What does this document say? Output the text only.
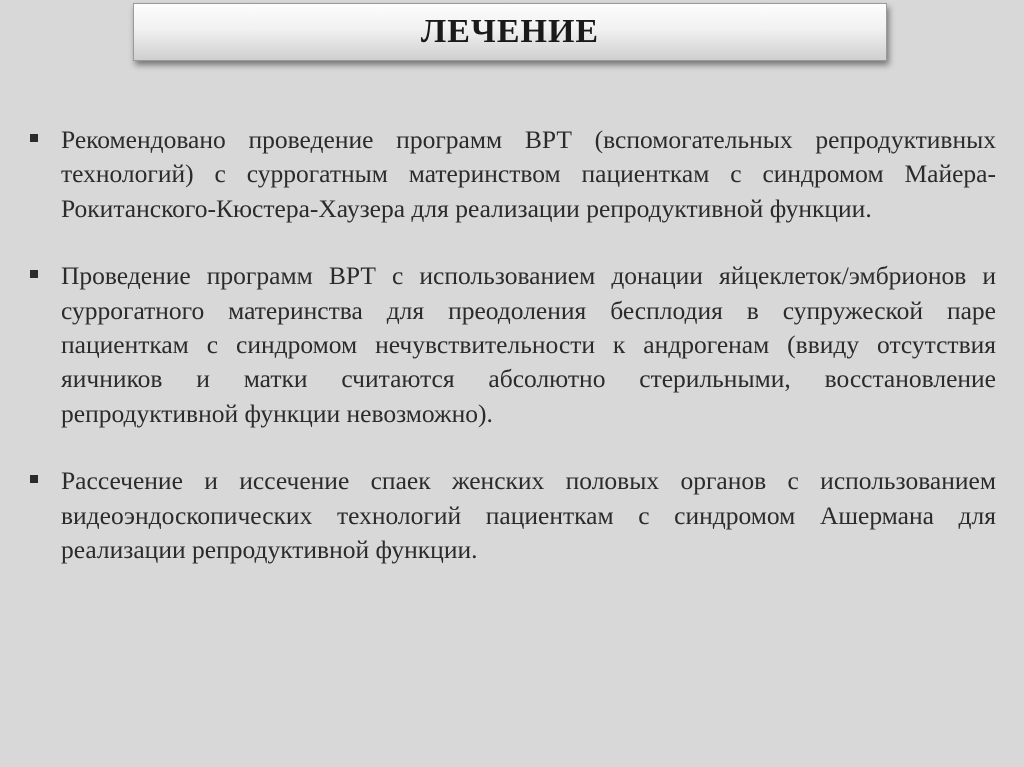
ЛЕЧЕНИЕ
Рекомендовано проведение программ ВРТ (вспомогательных репродуктивных технологий) с суррогатным материнством пациенткам с синдромом Майера-Рокитанского-Кюстера-Хаузера для реализации репродуктивной функции.
Проведение программ ВРТ с использованием донации яйцеклеток/эмбрионов и суррогатного материнства для преодоления бесплодия в супружеской паре пациенткам с синдромом нечувствительности к андрогенам (ввиду отсутствия яичников и матки считаются абсолютно стерильными, восстановление репродуктивной функции невозможно).
Рассечение и иссечение спаек женских половых органов с использованием видеоэндоскопических технологий пациенткам с синдромом Ашермана для реализации репродуктивной функции.
